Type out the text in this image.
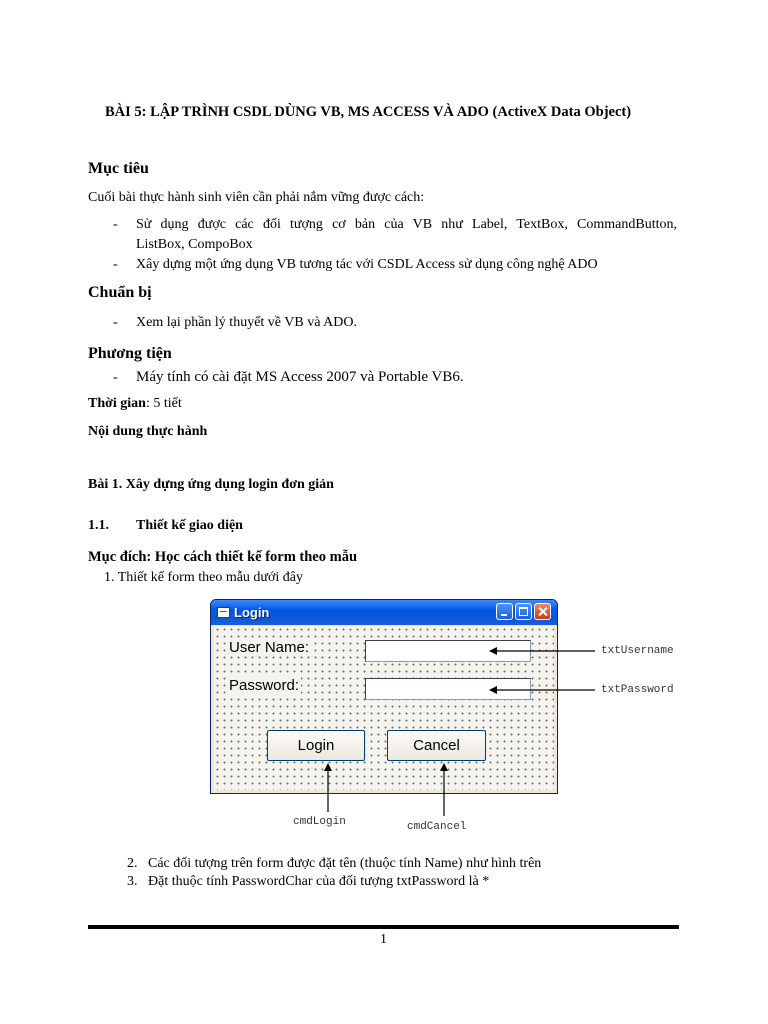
BÀI 5: LẬP TRÌNH CSDL DÙNG VB, MS ACCESS VÀ ADO (ActiveX Data Object)
Mục tiêu
Cuối bài thực hành sinh viên cần phải nắm vững được cách:
- Sử dụng được các đối tượng cơ bản của VB như Label, TextBox, CommandButton,
ListBox, CompoBox
- Xây dựng một ứng dụng VB tương tác với CSDL Access sử dụng công nghệ ADO
Chuẩn bị
- Xem lại phần lý thuyết về VB và ADO.
Phương tiện
- Máy tính có cài đặt MS Access 2007 và Portable VB6.
Thời gian: 5 tiết
Nội dung thực hành
Bài 1. Xây dựng ứng dụng login đơn giản
1.1. Thiết kế giao diện
Mục đích: Học cách thiết kế form theo mẫu
1. Thiết kế form theo mẫu dưới đây
Login
User Name:
Password:
Login	Cancel
txtUsername
txtPassword
cmdLogin	cmdCancel
2. Các đối tượng trên form được đặt tên (thuộc tính Name) như hình trên
3. Đặt thuộc tính PasswordChar của đối tượng txtPassword là *
1
